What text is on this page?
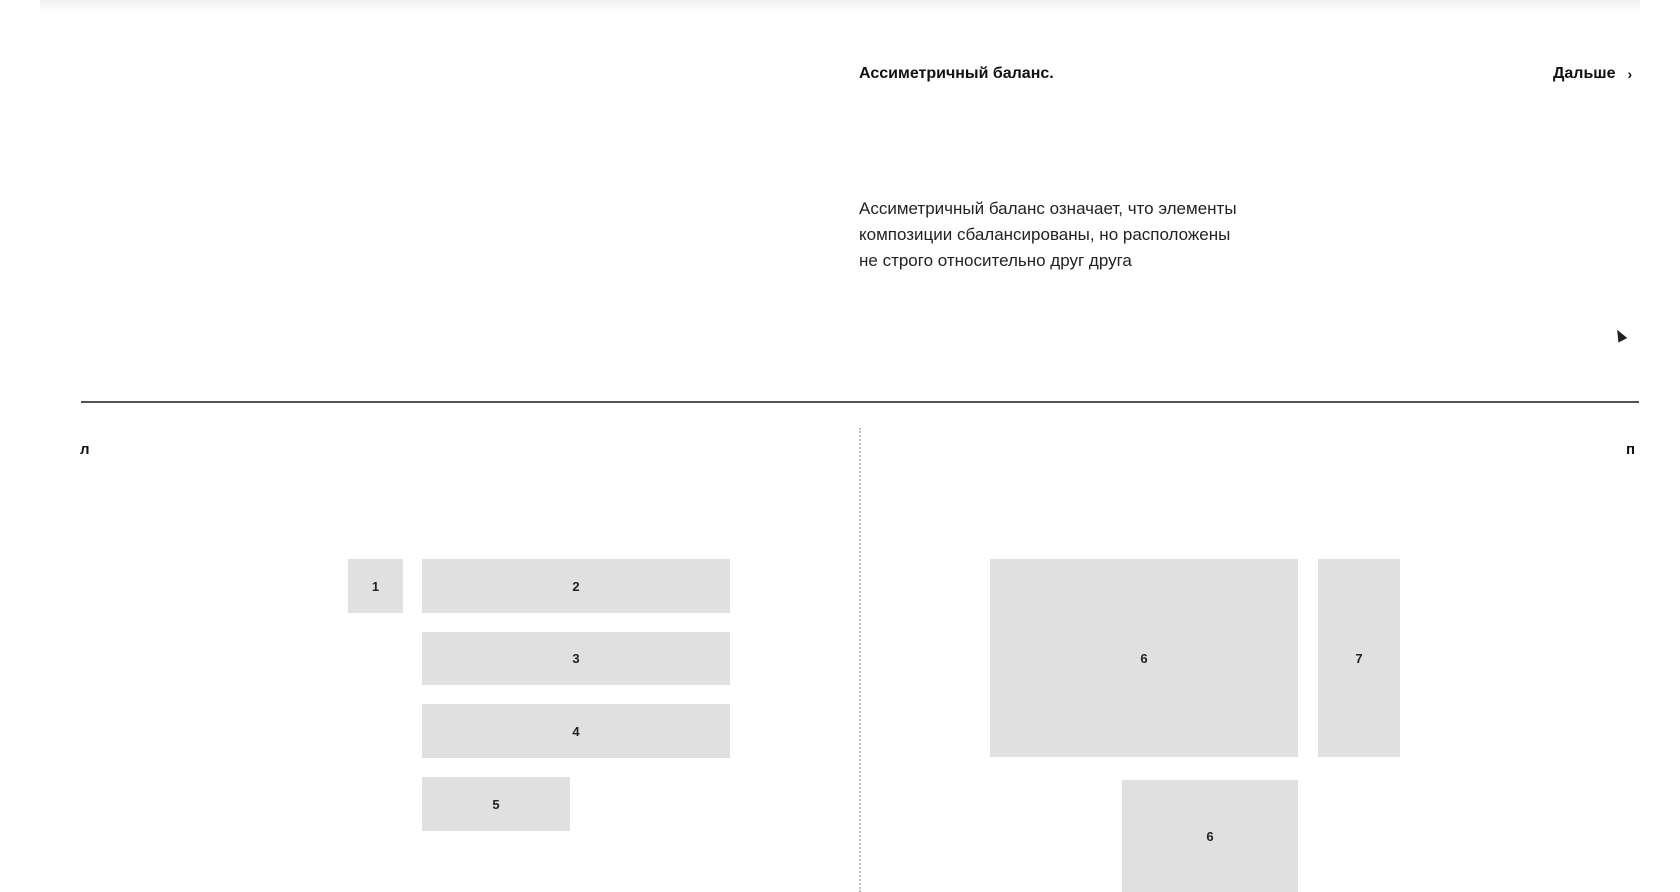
Ассиметричный баланс.	Дальше ›
Ассиметричный баланс означает, что элементы композиции сбалансированы, но расположены не строго относительно друг друга
л	п
1	2
3
4
5
6	7
6
